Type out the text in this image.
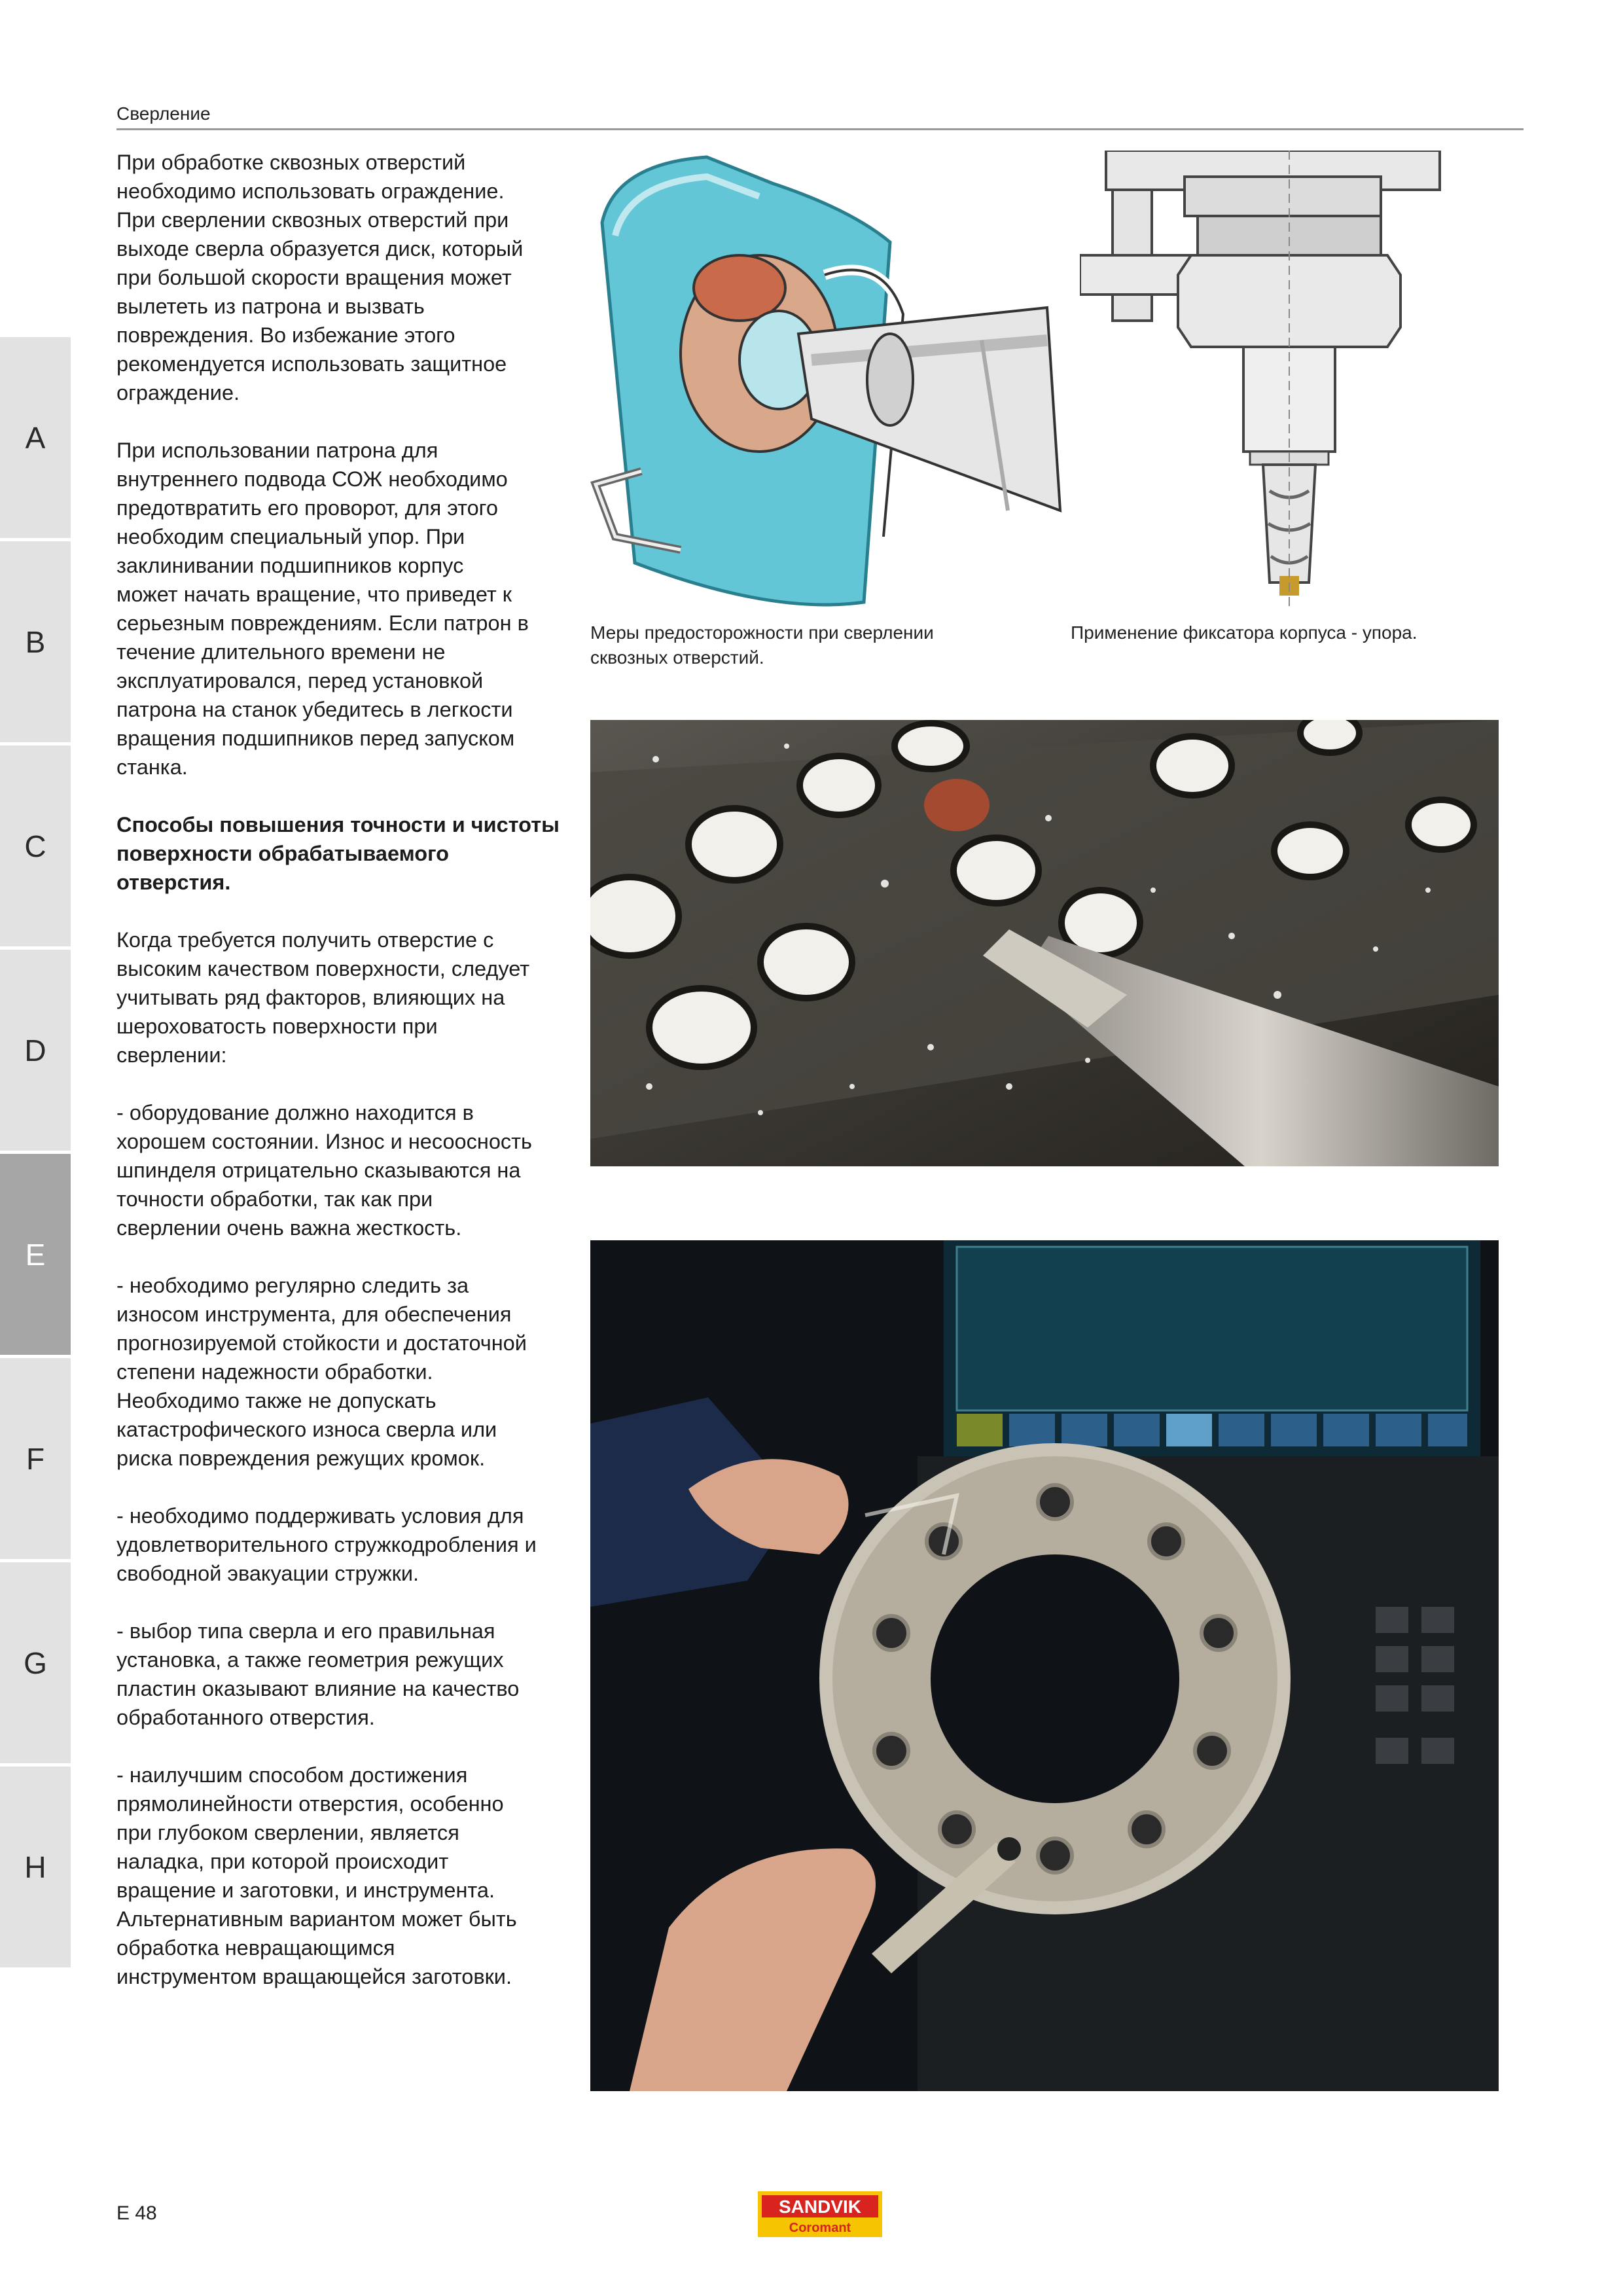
Сверление
A
B
C
D
E
F
G
H

При обработке сквозных отверстий
необходимо использовать ограждение.
При сверлении сквозных отверстий при
выходе сверла образуется диск, который
при большой скорости вращения может
вылететь из патрона и вызвать
повреждения. Во избежание этого
рекомендуется использовать защитное
ограждение.

При использовании патрона для
внутреннего подвода СОЖ необходимо
предотвратить его проворот, для этого
необходим специальный упор. При
заклинивании подшипников корпус
может начать вращение, что приведет к
серьезным повреждениям. Если патрон в
течение длительного времени не
эксплуатировался, перед установкой
патрона на станок убедитесь в легкости
вращения подшипников перед запуском
станка.

Способы повышения точности и чистоты
поверхности обрабатываемого
отверстия.

Когда требуется получить отверстие с
высоким качеством поверхности, следует
учитывать ряд факторов, влияющих на
шероховатость поверхности при
сверлении:

- оборудование должно находится в
хорошем состоянии. Износ и несоосность
шпинделя отрицательно сказываются на
точности обработки, так как при
сверлении очень важна жесткость.

- необходимо регулярно следить за
износом инструмента, для обеспечения
прогнозируемой стойкости и достаточной
степени надежности обработки.
Необходимо также не допускать
катастрофического износа сверла или
риска повреждения режущих кромок.

- необходимо поддерживать условия для
удовлетворительного стружкодробления и
свободной эвакуации стружки.

- выбор типа сверла и его правильная
установка, а также геометрия режущих
пластин оказывают влияние на качество
обработанного отверстия.

- наилучшим способом достижения
прямолинейности отверстия, особенно
при глубоком сверлении, является
наладка, при которой происходит
вращение и заготовки, и инструмента.
Альтернативным вариантом может быть
обработка невращающимся
инструментом вращающейся заготовки.

Меры предосторожности при сверлении
сквозных отверстий.
Применение фиксатора корпуса - упора.
E 48	SANDVIK
Coromant
